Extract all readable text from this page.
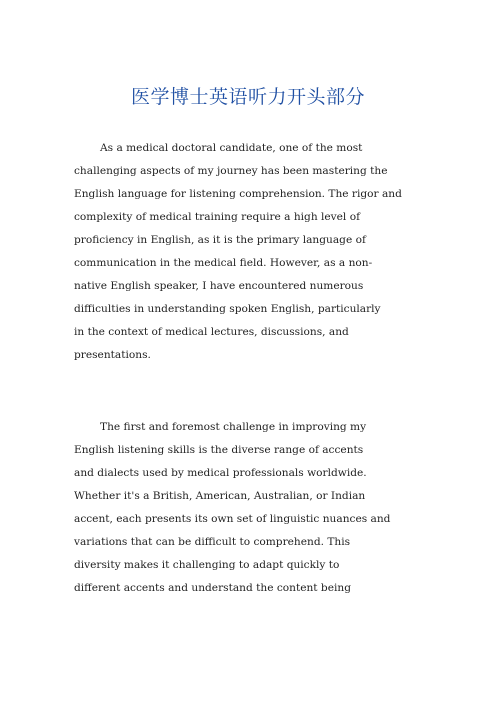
医学博士英语听力开头部分
As a medical doctoral candidate, one of the most
challenging aspects of my journey has been mastering the
English language for listening comprehension. The rigor and
complexity of medical training require a high level of
proficiency in English, as it is the primary language of
communication in the medical field. However, as a non-
native English speaker, I have encountered numerous
difficulties in understanding spoken English, particularly
in the context of medical lectures, discussions, and
presentations.
The first and foremost challenge in improving my
English listening skills is the diverse range of accents
and dialects used by medical professionals worldwide.
Whether it's a British, American, Australian, or Indian
accent, each presents its own set of linguistic nuances and
variations that can be difficult to comprehend. This
diversity makes it challenging to adapt quickly to
different accents and understand the content being
